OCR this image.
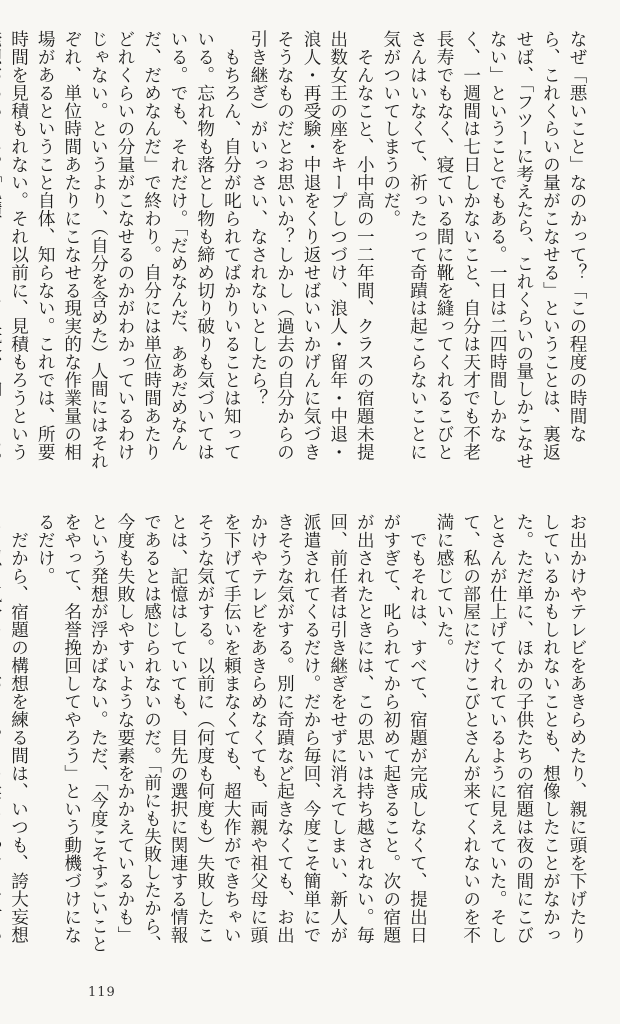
なぜ「悪いこと」なのかって？「この程度の時間なら、これくらいの量がこなせる」ということは、裏返せば、「フツーに考えたら、これくらいの量しかこなせない」ということでもある。一日は二四時間しかなく、一週間は七日しかないこと、自分は天才でも不老長寿でもなく、寝ている間に靴を縫ってくれるこびとさんはいなくて、祈ったって奇蹟は起こらないことに気がついてしまうのだ。

そんなこと、小中高の一二年間、クラスの宿題未提出数女王の座をキープしつづけ、浪人・留年・中退・浪人・再受験・中退をくり返せばいいかげんに気づきそうなものだとお思いか？しかし（過去の自分からの引き継ぎ）がいっさい、なされないとしたら？

もちろん、自分が叱られてばかりいることは知っている。忘れ物も落とし物も締め切り破りも気づいてはいる。でも、それだけ。「だめなんだ、ああだめなんだ、だめなんだ」で終わり。自分には単位時間あたりどれくらいの分量がこなせるのかがわかっているわけじゃない。というより、（自分を含めた）人間にはそれぞれ、単位時間あたりにこなせる現実的な作業量の相場があるということ自体、知らない。これでは、所要時間を見積もれない。それ以前に、見積もろうという

お出かけやテレビをあきらめたり、親に頭を下げたりしているかもしれないことも、想像したことがなかった。ただ単に、ほかの子供たちの宿題は夜の間にこびとさんが仕上げてくれているように見えていた。そして、私の部屋にだけこびとさんが来てくれないのを不満に感じていた。

でもそれは、すべて、宿題が完成しなくて、提出日がすぎて、叱られてから初めて起きること。次の宿題が出されたときには、この思いは持ち越されない。毎回、前任者は引き継ぎをせずに消えてしまい、新人が派遣されてくるだけ。だから毎回、今度こそ簡単にできそうな気がする。別に奇蹟など起きなくても、お出かけやテレビをあきらめなくても、両親や祖父母に頭を下げて手伝いを頼まなくても、超大作ができちゃいそうな気がする。以前に（何度も何度も）失敗したことは、記憶はしていても、目先の選択に関連する情報であるとは感じられないのだ。「前にも失敗したから、今度も失敗しやすいような要素をかかえているかも」という発想が浮かばない。ただ、「今度こそすごいことをやって、名誉挽回してやろう」という動機づけになるだけ。

だから、宿題の構想を練る間は、いつも、誇大妄想

119
